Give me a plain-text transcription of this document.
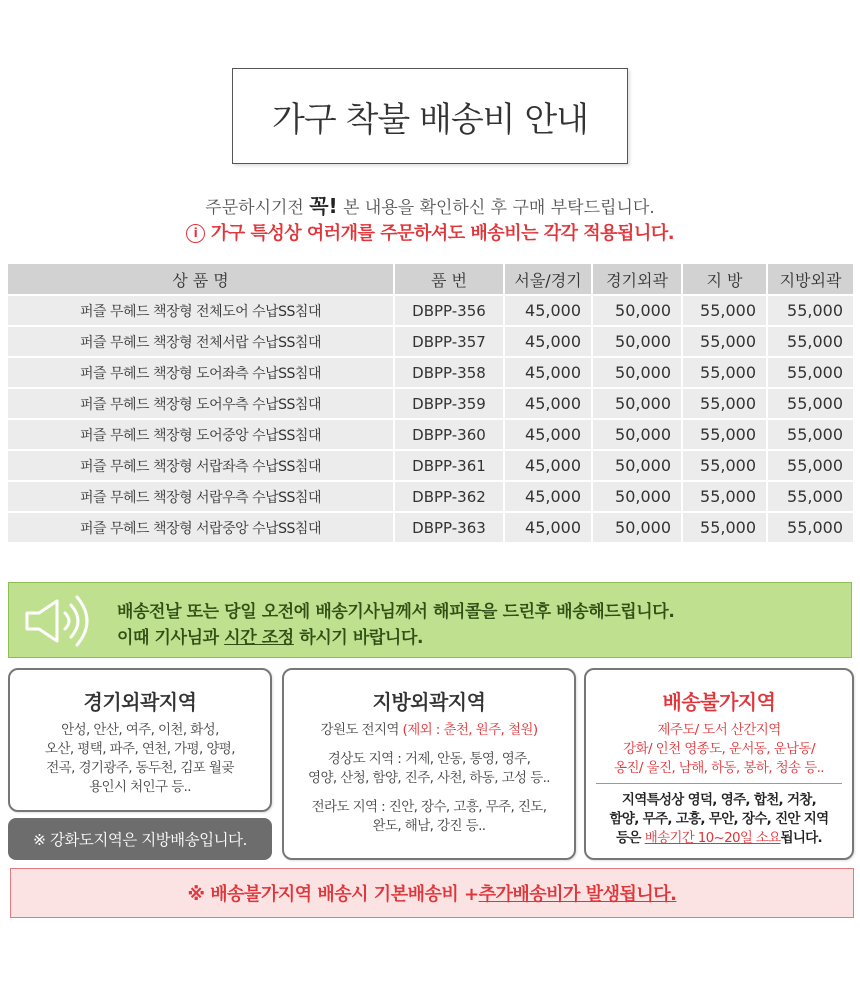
가구 착불 배송비 안내
주문하시기전 꼭! 본 내용을 확인하신 후 구매 부탁드립니다.
i 가구 특성상 여러개를 주문하셔도 배송비는 각각 적용됩니다.
상 품 명	품 번	서울/경기	경기외곽	지 방	지방외곽
퍼즐 무헤드 책장형 전체도어 수납SS침대	DBPP-356	45,000	50,000	55,000	55,000
퍼즐 무헤드 책장형 전체서랍 수납SS침대	DBPP-357	45,000	50,000	55,000	55,000
퍼즐 무헤드 책장형 도어좌측 수납SS침대	DBPP-358	45,000	50,000	55,000	55,000
퍼즐 무헤드 책장형 도어우측 수납SS침대	DBPP-359	45,000	50,000	55,000	55,000
퍼즐 무헤드 책장형 도어중앙 수납SS침대	DBPP-360	45,000	50,000	55,000	55,000
퍼즐 무헤드 책장형 서랍좌측 수납SS침대	DBPP-361	45,000	50,000	55,000	55,000
퍼즐 무헤드 책장형 서랍우측 수납SS침대	DBPP-362	45,000	50,000	55,000	55,000
퍼즐 무헤드 책장형 서랍중앙 수납SS침대	DBPP-363	45,000	50,000	55,000	55,000
배송전날 또는 당일 오전에 배송기사님께서 해피콜을 드린후 배송해드립니다.
이때 기사님과 시간 조정 하시기 바랍니다.
경기외곽지역
안성, 안산, 여주, 이천, 화성,
오산, 평택, 파주, 연천, 가평, 양평,
전곡, 경기광주, 동두천, 김포 월곶
용인시 처인구 등..
※ 강화도지역은 지방배송입니다.
지방외곽지역
강원도 전지역 (제외 : 춘천, 원주, 철원)
경상도 지역 : 거제, 안동, 통영, 영주,
영양, 산청, 함양, 진주, 사천, 하동, 고성 등..
전라도 지역 : 진안, 장수, 고흥, 무주, 진도,
완도, 해남, 강진 등..
배송불가지역
제주도/ 도서 산간지역
강화/ 인천 영종도, 운서동, 운남동/
옹진/ 울진, 남해, 하동, 봉하, 청송 등..
지역특성상 영덕, 영주, 합천, 거창,
함양, 무주, 고흥, 무안, 장수, 진안 지역
등은 배송기간 10~20일 소요됩니다.
※ 배송불가지역 배송시 기본배송비 + 추가배송비가 발생됩니다.
